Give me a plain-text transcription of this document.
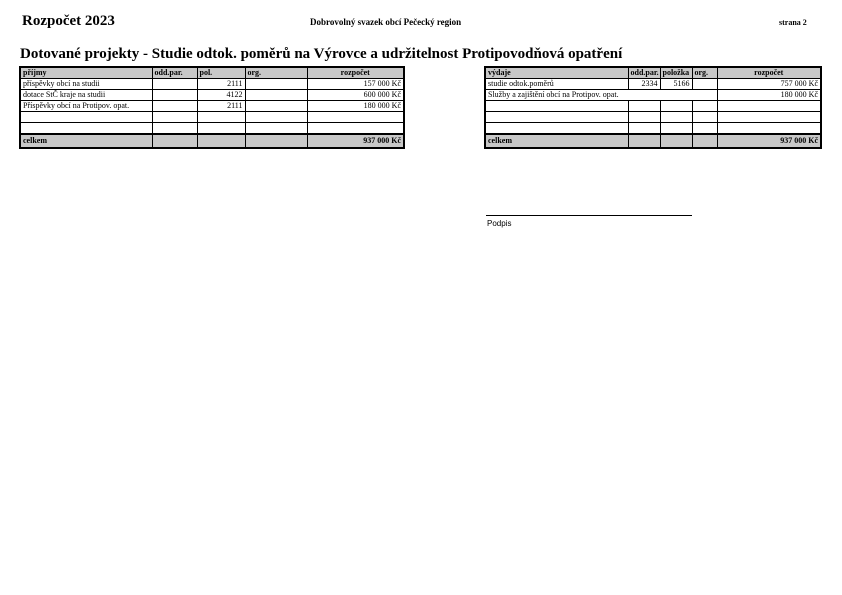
Rozpočet 2023	Dobrovolný svazek obcí Pečecký region	strana 2
Dotované projekty - Studie odtok. poměrů na Výrovce a udržitelnost Protipovodňová opatření
příjmy	odd.par.	pol.	org.	rozpočet
příspěvky obcí na studii		2111		157 000 Kč
dotace StČ kraje na studii		4122		600 000 Kč
Příspěvky obcí na Protipov. opat.		2111		180 000 Kč

celkem				937 000 Kč
výdaje	odd.par.	položka	org.	rozpočet
studie odtok.poměrů	2334	5166		757 000 Kč
Služby a zajištění obcí na Protipov. opat.				180 000 Kč

celkem				937 000 Kč
Podpis
